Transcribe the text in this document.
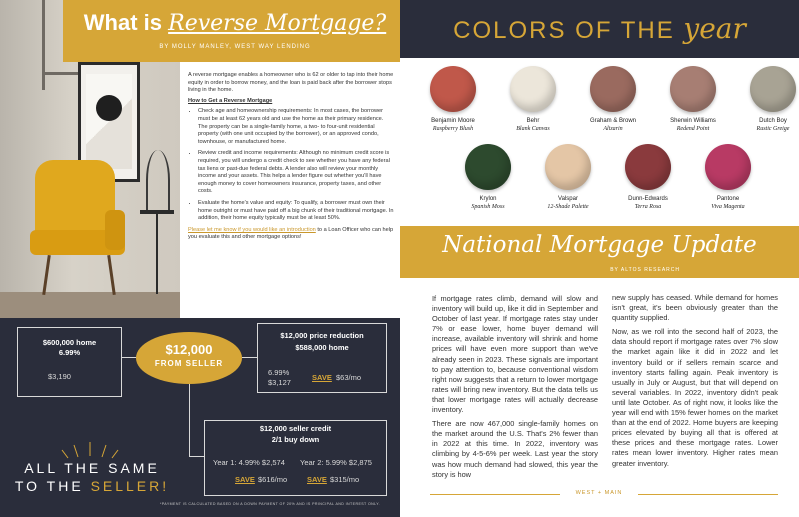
What is Reverse Mortgage?
BY MOLLY MANLEY, WEST WAY LENDING

A reverse mortgage enables a homeowner who is 62 or older to tap into their home equity in order to borrow money, and the loan is paid back after the borrower stops living in the home.

How to Get a Reverse Mortgage
• Check age and homeownership requirements: In most cases, the borrower must be at least 62 years old and use the home as their primary residence. The property can be a single-family home, a two- to four-unit residential property (with one unit occupied by the borrower), or an approved condo, townhouse, or manufactured home.
• Review credit and income requirements: Although no minimum credit score is required, you will undergo a credit check to see whether you have any federal tax liens or past-due federal debts. A lender also will review your monthly income and your assets. This helps a lender figure out whether you'll have enough money to cover homeowners insurance, property taxes, and other costs.
• Evaluate the home's value and equity: To qualify, a borrower must own their home outright or must have paid off a big chunk of their traditional mortgage. In addition, their home equity typically must be at least 50%.

Please let me know if you would like an introduction to a Loan Officer who can help you evaluate this and other mortgage options!

$600,000 home
6.99%
$3,190
$12,000
FROM SELLER
$12,000 price reduction
$588,000 home
6.99%
$3,127
SAVE $63/mo
$12,000 seller credit
2/1 buy down
Year 1: 4.99% $2,574 Year 2: 5.99% $2,875
SAVE $616/mo	SAVE $315/mo
ALL THE SAME
TO THE SELLER!
*PAYMENT IS CALCULATED BASED ON A DOWN PAYMENT OF 20% AND IS PRINCIPAL AND INTEREST ONLY.
COLORS OF THE year
Benjamin Moore
Raspberry Blush
Behr
Blank Canvas
Graham & Brown
Alizarin
Sherwin Williams
Redend Point
Dutch Boy
Rustic Greige
Krylon
Spanish Moss
Valspar
12-Shade Palette
Dunn-Edwards
Terra Rosa
Pantone
Viva Magenta
National Mortgage Update
BY ALTOS RESEARCH

If mortgage rates climb, demand will slow and inventory will build up, like it did in September and October of last year. If mortgage rates stay under 7% or ease lower, home buyer demand will increase, available inventory will shrink and home prices will have even more support than we've already seen in 2023. These signals are important to pay attention to, because conventional wisdom right now suggests that a return to lower mortgage rates will bring new inventory. But the data tells us that lower mortgage rates will actually decrease inventory.

There are now 467,000 single-family homes on the market around the U.S. That's 2% fewer than in 2022 at this time. In 2022, inventory was climbing by 4-5-6% per week. Last year the story was how much demand had slowed, this year the story is how

new supply has ceased. While demand for homes isn't great, it's been obviously greater than the quantity supplied.

Now, as we roll into the second half of 2023, the data should report if mortgage rates over 7% slow the market again like it did in 2022 and let inventory build or if sellers remain scarce and inventory starts falling again. Peak inventory is usually in July or August, but that will depend on several variables. In 2022, inventory didn't peak until late October. As of right now, it looks like the year will end with 15% fewer homes on the market than at the end of 2022. Home buyers are keeping prices elevated by buying all that is offered at these prices and these mortgage rates. Lower rates mean lower inventory. Higher rates mean greater inventory.

WEST + MAIN
